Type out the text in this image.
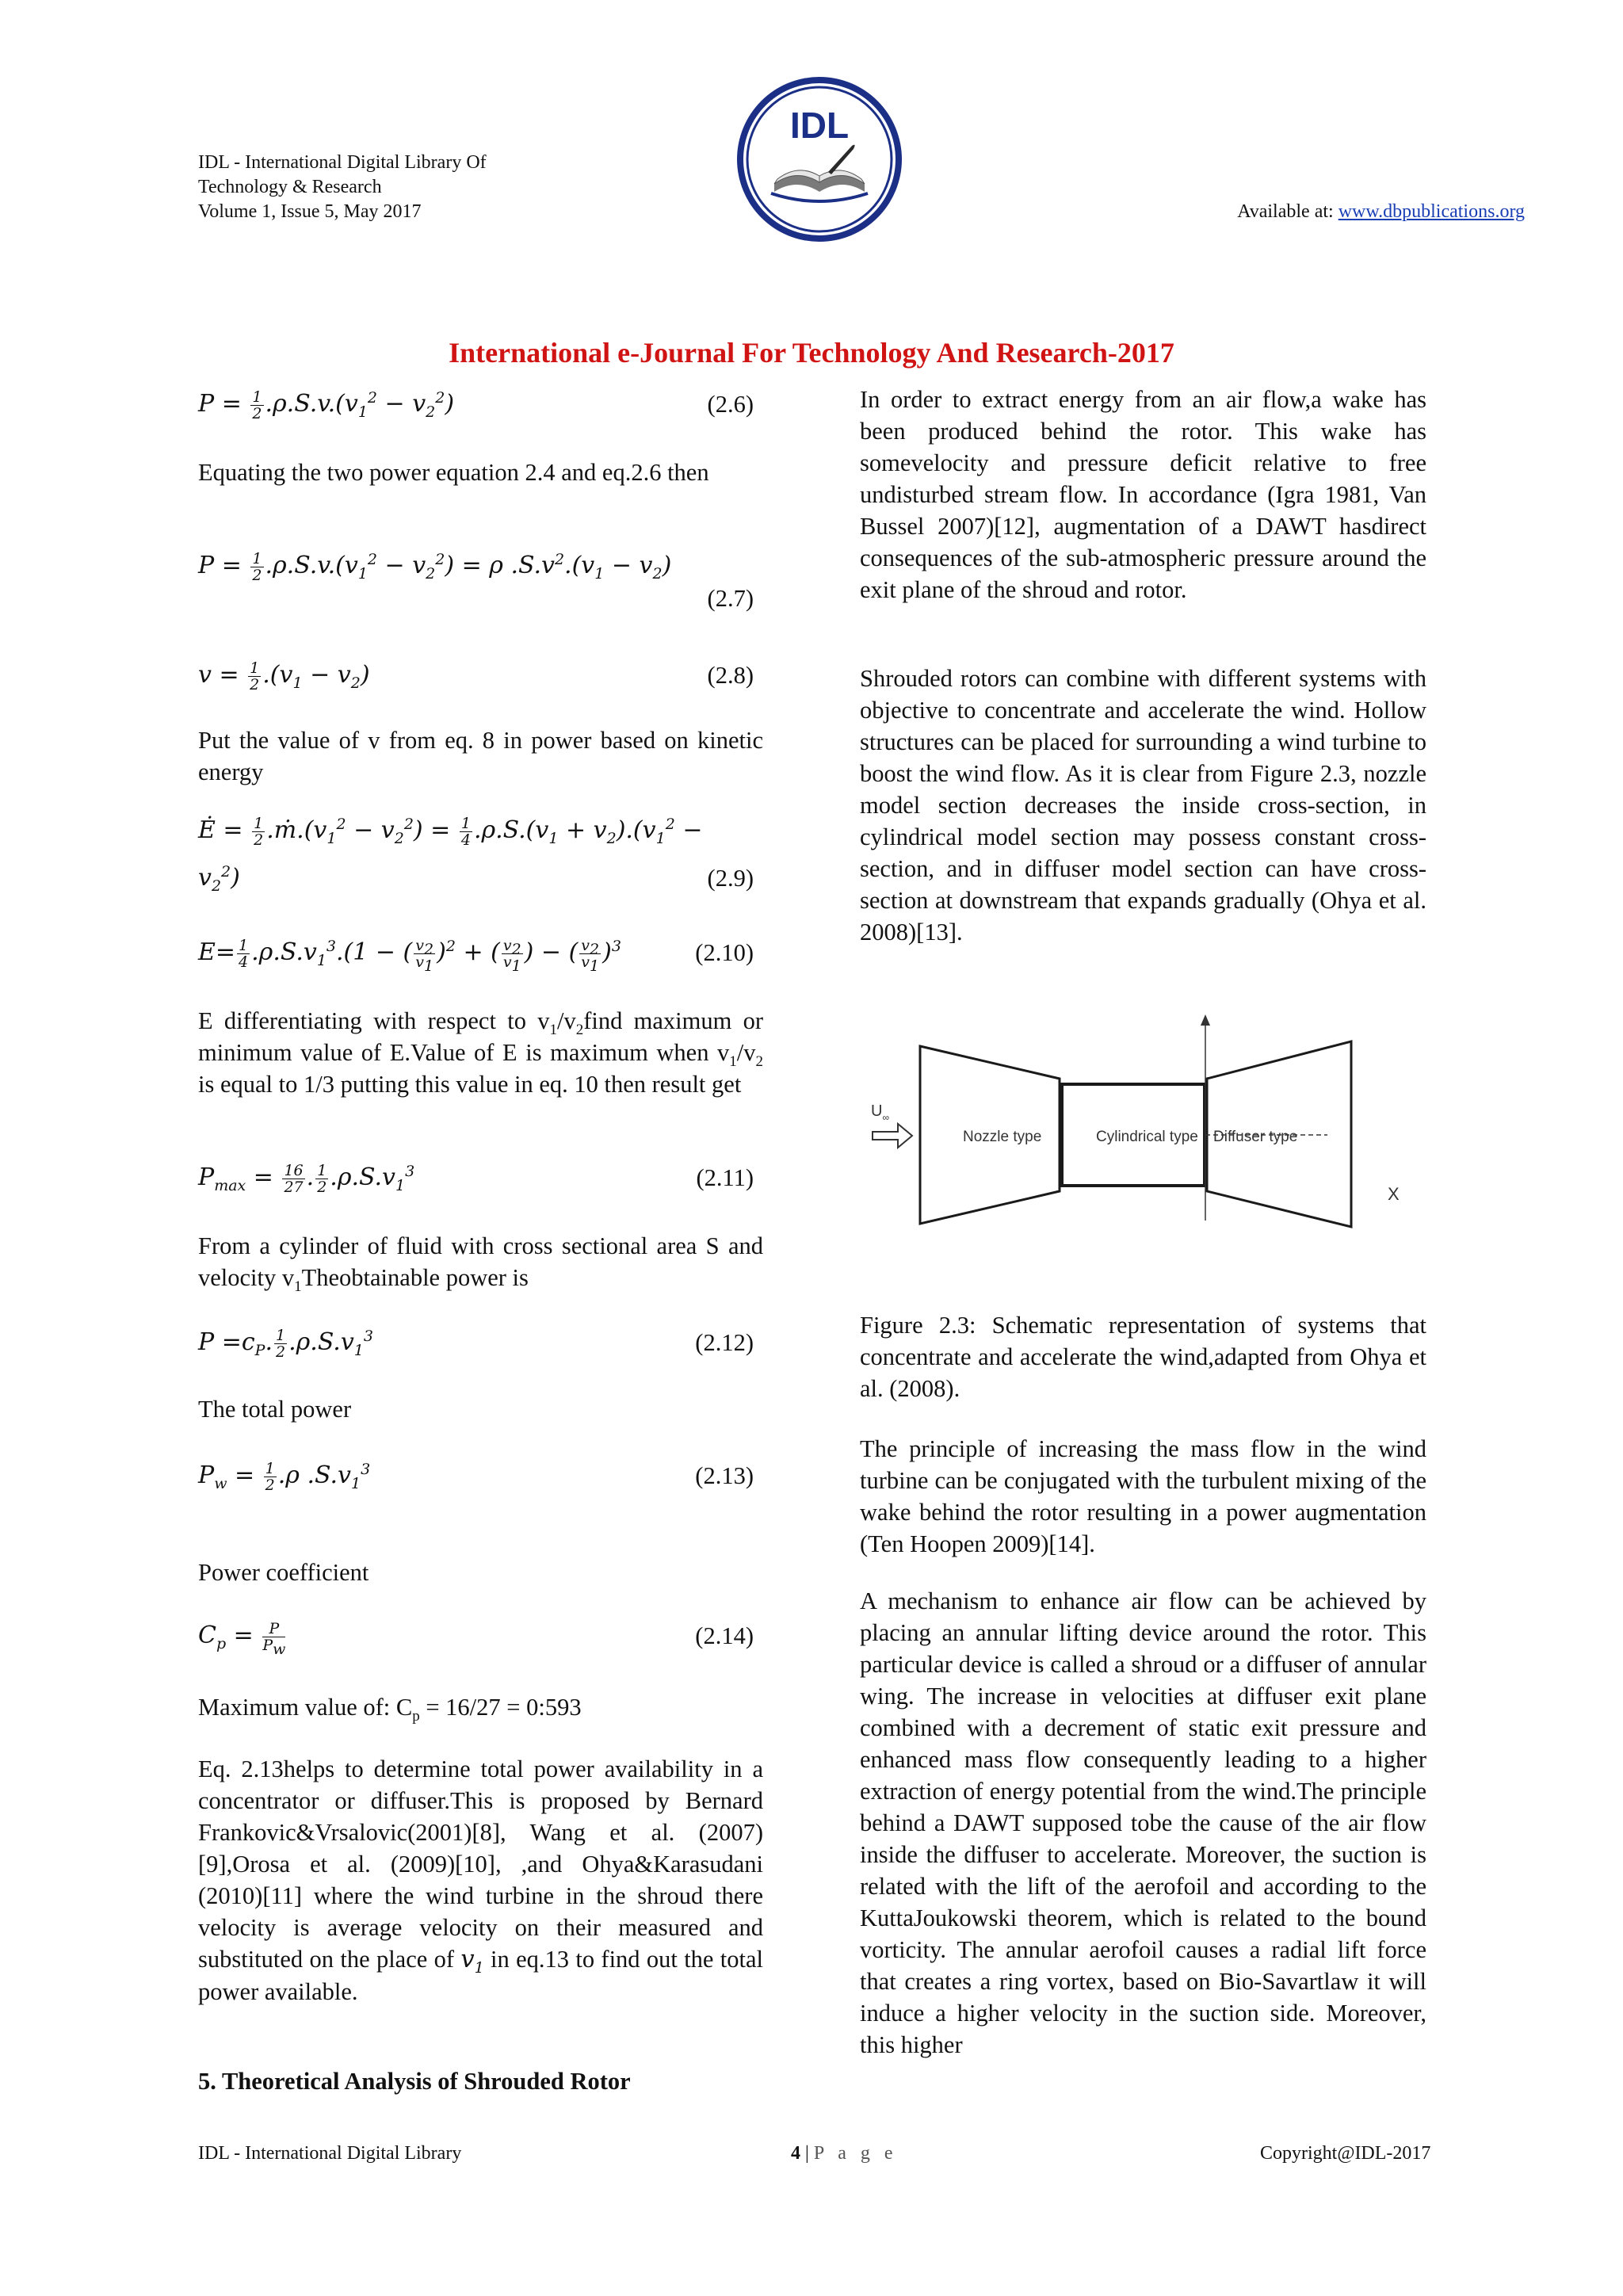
IDL - International Digital Library Of
Technology & Research
Volume 1, Issue 5, May 2017
IDL
Available at: www.dbpublications.org
International e-Journal For Technology And Research-2017
$P = \frac{1}{2} .\rho.S.v.(v_1^2 - v_2^2)$	(2.6)

Equating the two power equation 2.4 and eq.2.6 then

$P = \frac{1}{2} .\rho.S.v.(v_1^2 - v_2^2) = \rho$ $.S.v^2.(v_1 - v_2)$
(2.7)
$v = \frac{1}{2} .(v_1 - v_2)$	(2.8)

Put the value of v from eq. 8 in power based on kinetic energy

Ė = $\frac{1}{2}$ $.ṁ.(v_1^2 - v_2^2) = \frac{1}{4} .\rho.S.(v_1 + v_2).(v_1^2$ −
$v_2^2$)	(2.9)
$E= \frac{1}{4} .\rho.S.v_1^3.(1$ − ( $\frac{v_2}{v_1} )^2$ + ( $\frac{v_2}{v_1}$ ) − ( $\frac{v_2}{v_1} )^3$	(2.10)

E differentiating with respect to $v_1/v_2find$ maximum or minimum value of E.Value of E is maximum when $v_1/v_2$ is equal to 1/3 putting this value in eq. 10 then result get

$P_{max} = \frac{16}{27}$ . $\frac{1}{2} .\rho.S.v_1^3$	(2.11)

From a cylinder of fluid with cross sectional area S and velocity $v_1Theobtainable$ power is

$P =c_P$. $\frac{1}{2} .\rho.S.v_1^3$	(2.12)

The total power

$P_w = \frac{1}{2} .\rho$ $.S.v_1^3$	(2.13)

Power coefficient

$C_p = \frac{P}{P_w}$	(2.14)

Maximum value of: $C_p = 16/27$ = 0:593

Eq. 2.13helps to determine total power availability in a concentrator or diffuser.This is proposed by Bernard Frankovic&Vrsalovic(2001)[8], Wang et al. (2007) [9],Orosa et al. (2009)[10], ,and Ohya&Karasudani (2010)[11] where the wind turbine in the shroud there velocity is average velocity on their measured and substituted on the place of $v_1$ in eq.13 to find out the total power available.

5. Theoretical Analysis of Shrouded Rotor

In order to extract energy from an air flow,a wake has been produced behind the rotor. This wake has somevelocity and pressure deficit relative to free undisturbed stream flow. In accordance (Igra 1981, Van Bussel 2007)[12], augmentation of a DAWT hasdirect consequences of the sub-atmospheric pressure around the exit plane of the shroud and rotor.

Shrouded rotors can combine with different systems with objective to concentrate and accelerate the wind. Hollow structures can be placed for surrounding a wind turbine to boost the wind flow. As it is clear from Figure 2.3, nozzle model section decreases the inside cross-section, in cylindrical model section may possess constant cross-section, and in diffuser model section can have cross-section at downstream that expands gradually (Ohya et al. 2008)[13].

$U_\infty$
Nozzle type	Cylindrical type Diffuser type
X

Figure 2.3: Schematic representation of systems that concentrate and accelerate the wind,adapted from Ohya et al. (2008).

The principle of increasing the mass flow in the wind turbine can be conjugated with the turbulent mixing of the wake behind the rotor resulting in a power augmentation (Ten Hoopen 2009)[14].

A mechanism to enhance air flow can be achieved by placing an annular lifting device around the rotor. This particular device is called a shroud or a diffuser of annular wing. The increase in velocities at diffuser exit plane combined with a decrement of static exit pressure and enhanced mass flow consequently leading to a higher extraction of energy potential from the wind.The principle behind a DAWT supposed tobe the cause of the air flow inside the diffuser to accelerate. Moreover, the suction is related with the lift of the aerofoil and according to the KuttaJoukowski theorem, which is related to the bound vorticity. The annular aerofoil causes a radial lift force that creates a ring vortex, based on Bio-Savartlaw it will induce a higher velocity in the suction side. Moreover, this higher

IDL - International Digital Library	4 | P a g e	Copyright@IDL-2017
